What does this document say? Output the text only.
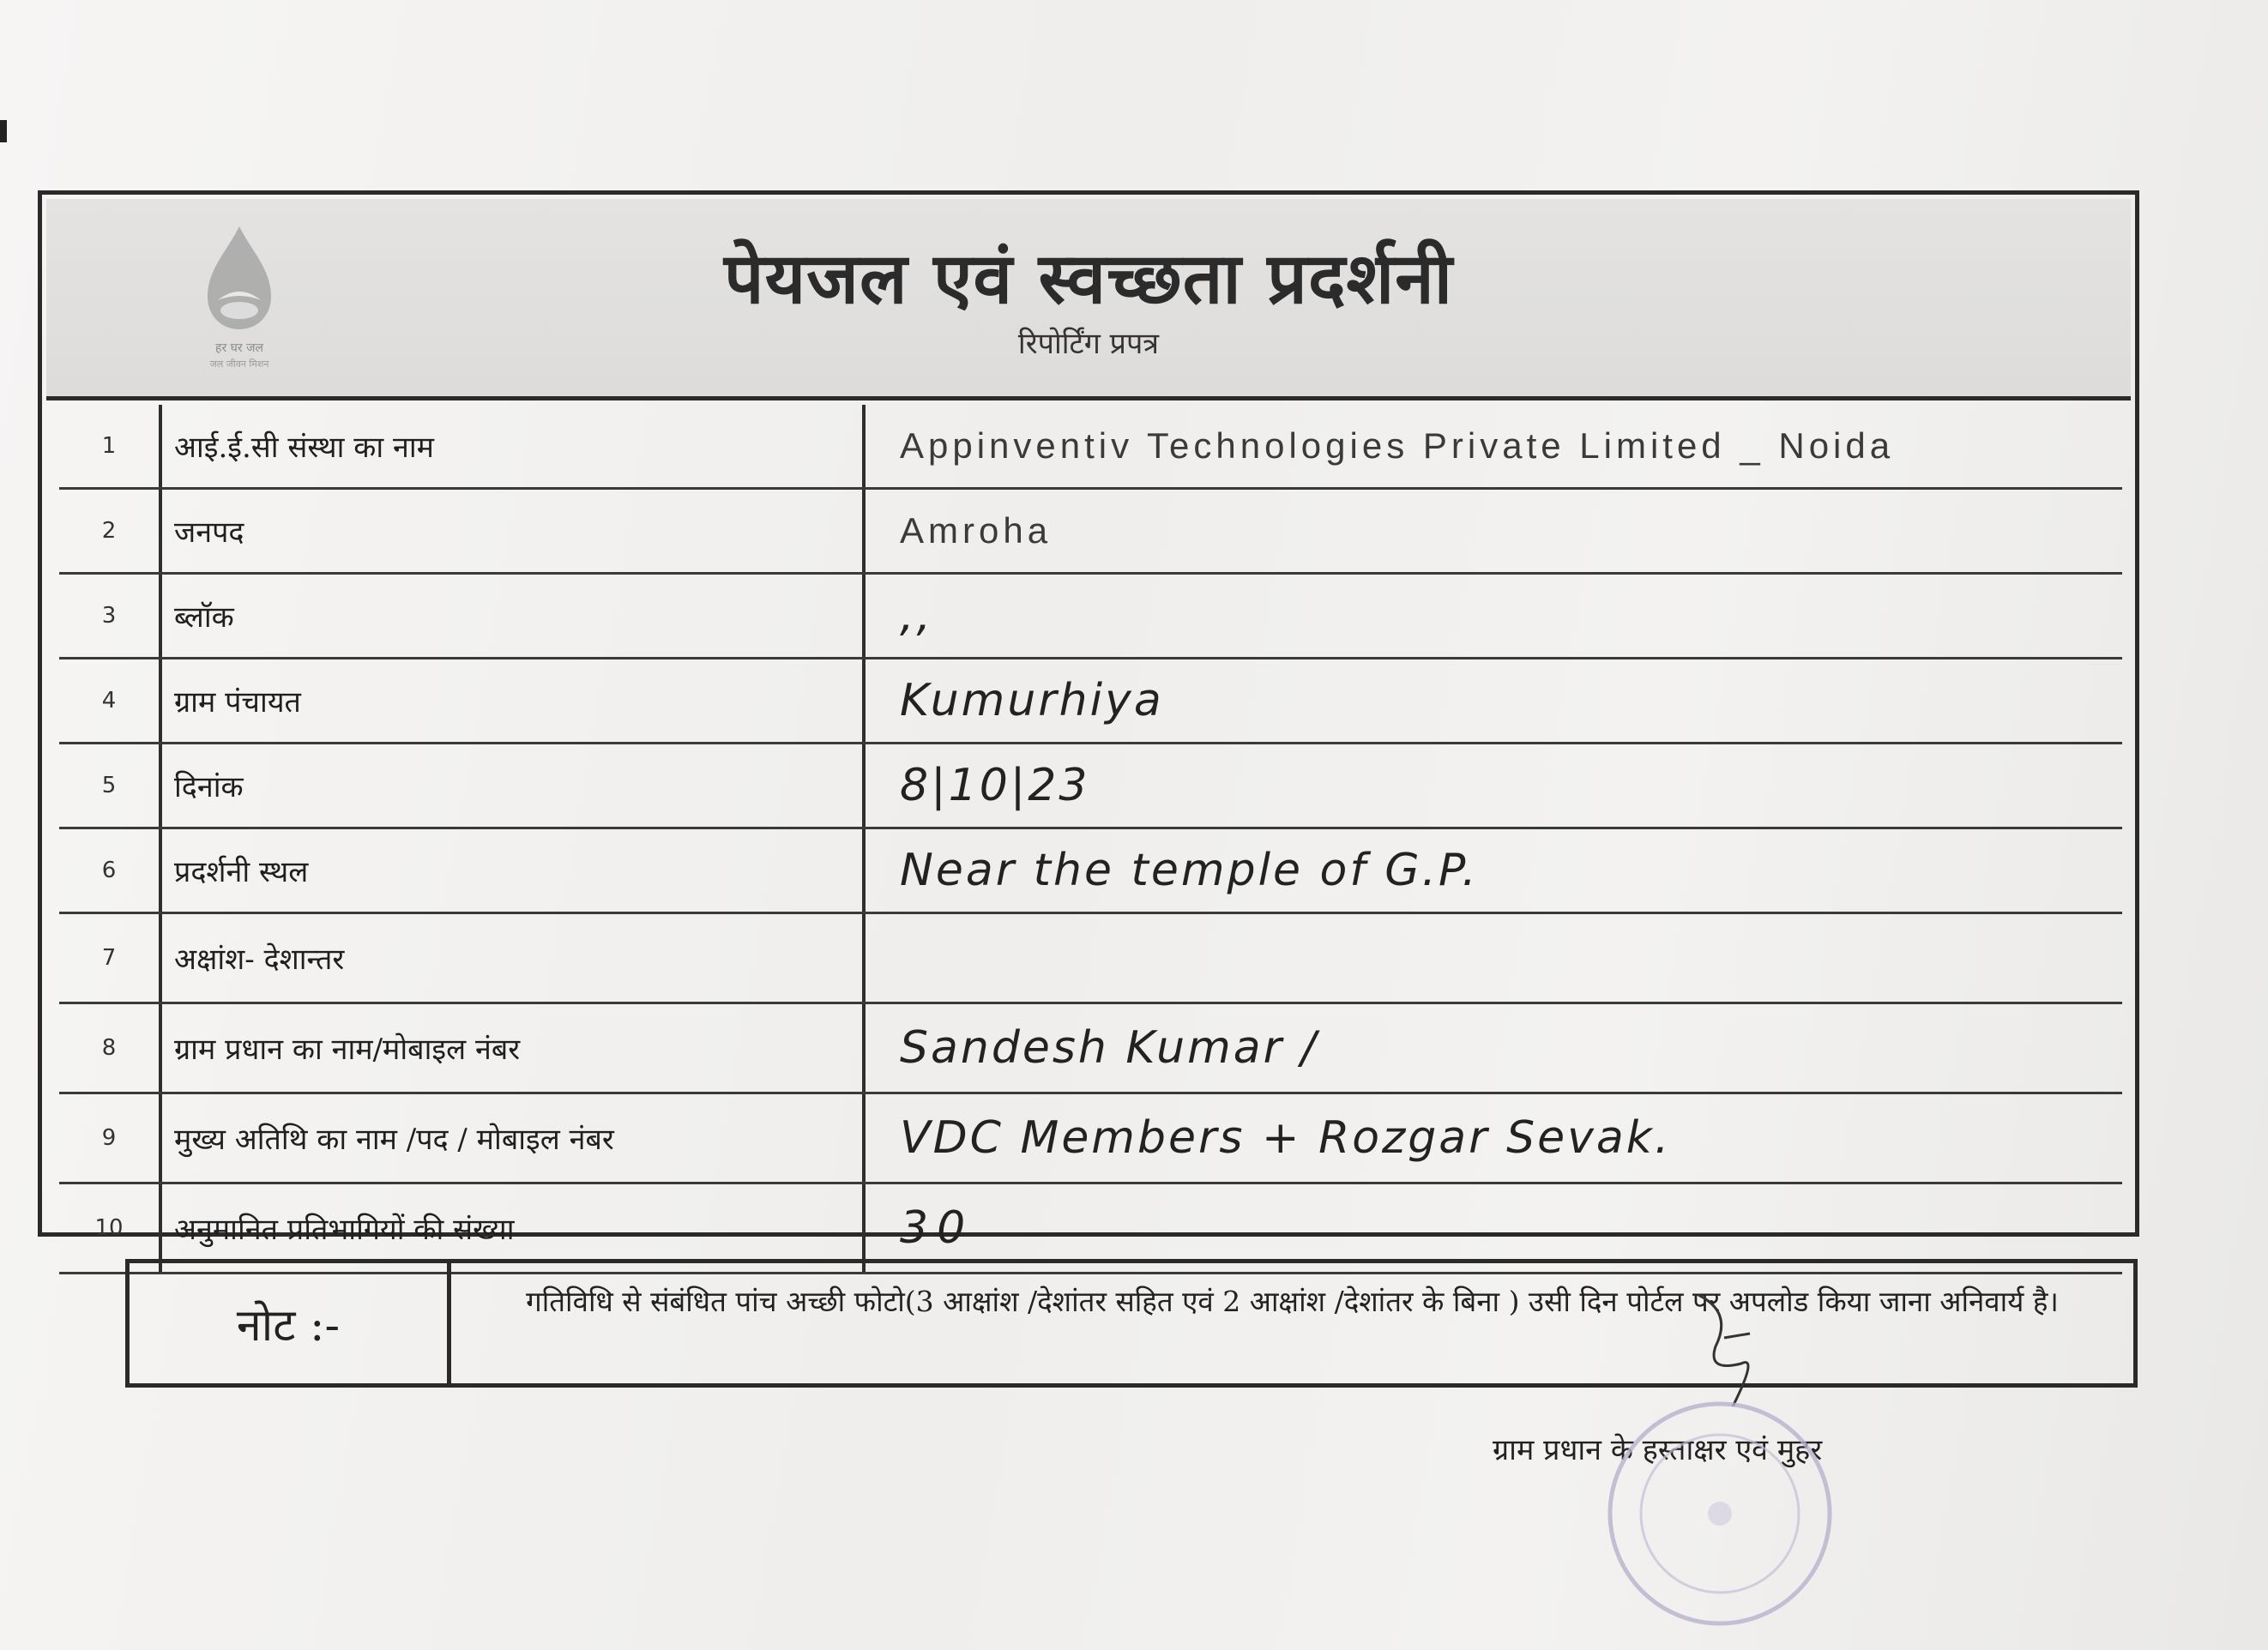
हर घर जल
जल जीवन मिशन
पेयजल एवं स्वच्छता प्रदर्शनी
रिपोर्टिंग प्रपत्र
1	आई.ई.सी संस्था का नाम	Appinventiv Technologies Private Limited _ Noida
2	जनपद	Amroha
3	ब्लॉक	,,
4	ग्राम पंचायत	Kumurhiya
5	दिनांक	8|10|23
6	प्रदर्शनी स्थल	Near the temple of G.P.
7	अक्षांश- देशान्तर
8	ग्राम प्रधान का नाम/मोबाइल नंबर	Sandesh Kumar /
9	मुख्य अतिथि का नाम /पद / मोबाइल नंबर	VDC Members + Rozgar Sevak.
10	अनुमानित प्रतिभागियों की संख्या	30
नोट :-	गतिविधि से संबंधित पांच अच्छी फोटो(3 आक्षांश /देशांतर सहित एवं 2 आक्षांश /देशांतर के बिना ) उसी दिन पोर्टल पर अपलोड किया जाना अनिवार्य है।
ग्राम प्रधान के हस्ताक्षर एवं मुहर
